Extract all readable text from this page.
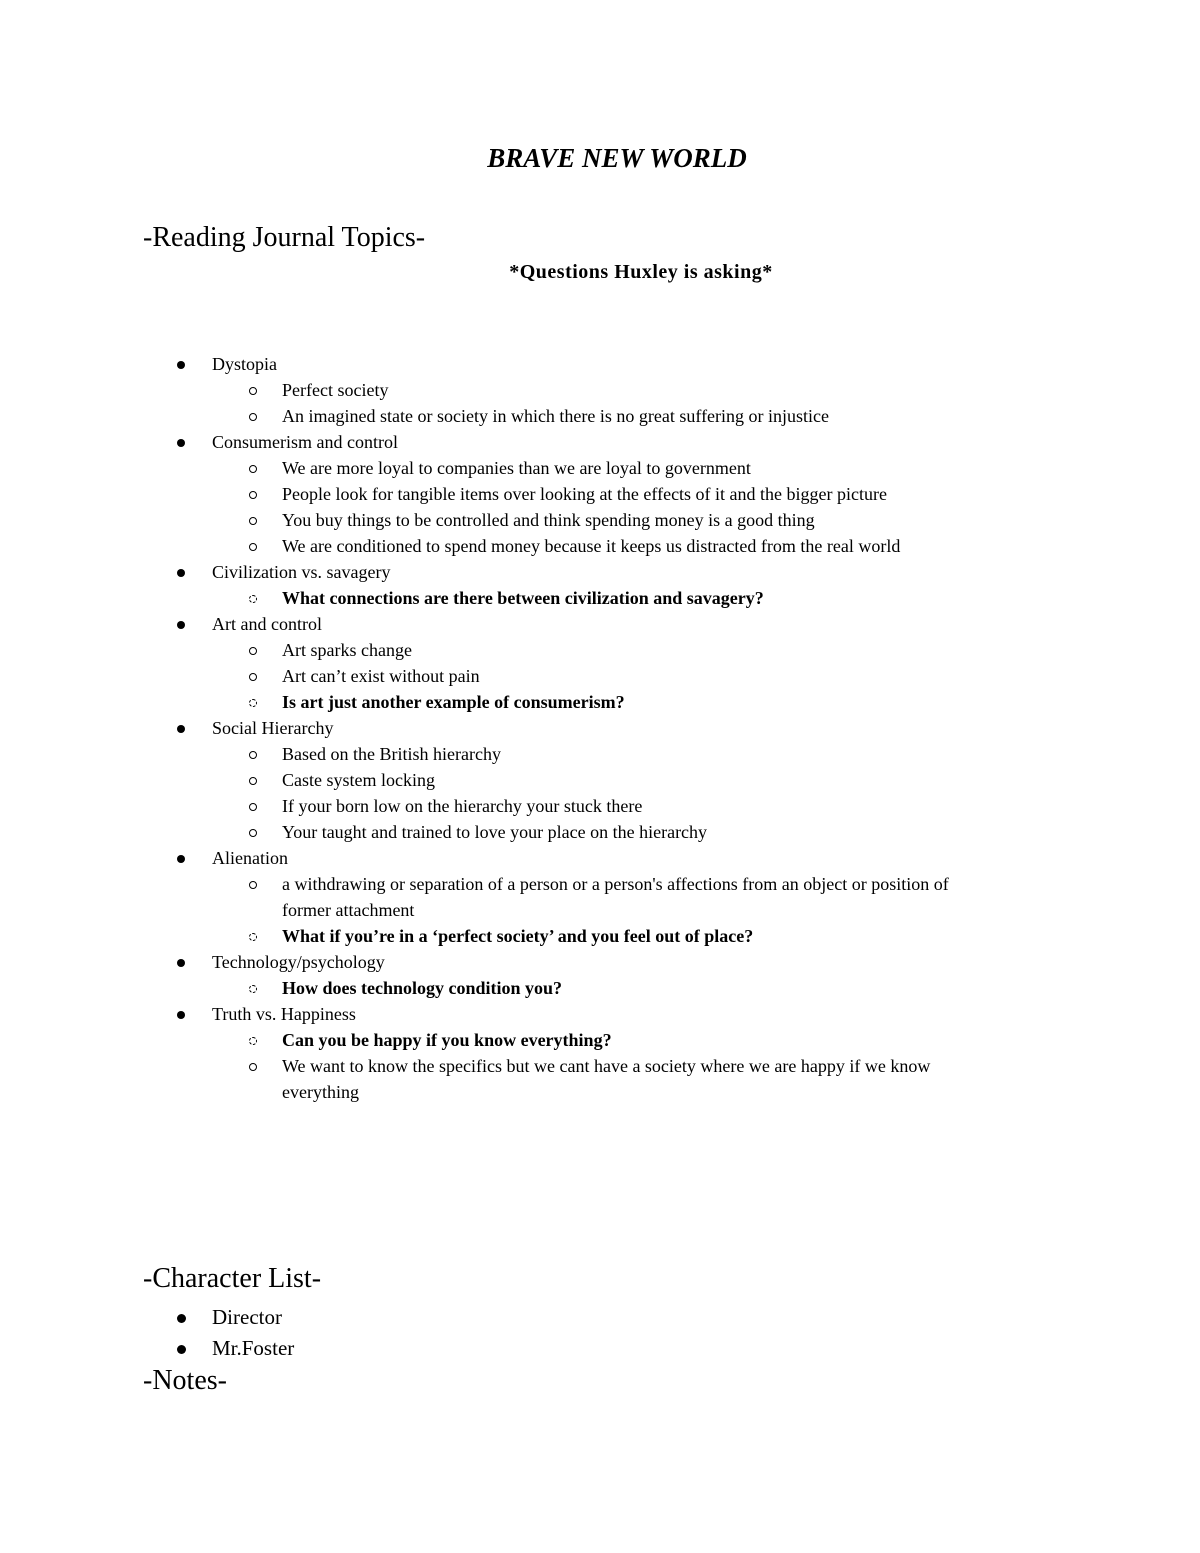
BRAVE NEW WORLD
-Reading Journal Topics-
*Questions Huxley is asking*
Dystopia
Perfect society
An imagined state or society in which there is no great suffering or injustice
Consumerism and control
We are more loyal to companies than we are loyal to government
People look for tangible items over looking at the effects of it and the bigger picture
You buy things to be controlled and think spending money is a good thing
We are conditioned to spend money because it keeps us distracted from the real world
Civilization vs. savagery
What connections are there between civilization and savagery?
Art and control
Art sparks change
Art can’t exist without pain
Is art just another example of consumerism?
Social Hierarchy
Based on the British hierarchy
Caste system locking
If your born low on the hierarchy your stuck there
Your taught and trained to love your place on the hierarchy
Alienation
a withdrawing or separation of a person or a person's affections from an object or position of former attachment
What if you’re in a ‘perfect society’ and you feel out of place?
Technology/psychology
How does technology condition you?
Truth vs. Happiness
Can you be happy if you know everything?
We want to know the specifics but we cant have a society where we are happy if we know everything
-Character List-
Director
Mr.Foster
-Notes-
